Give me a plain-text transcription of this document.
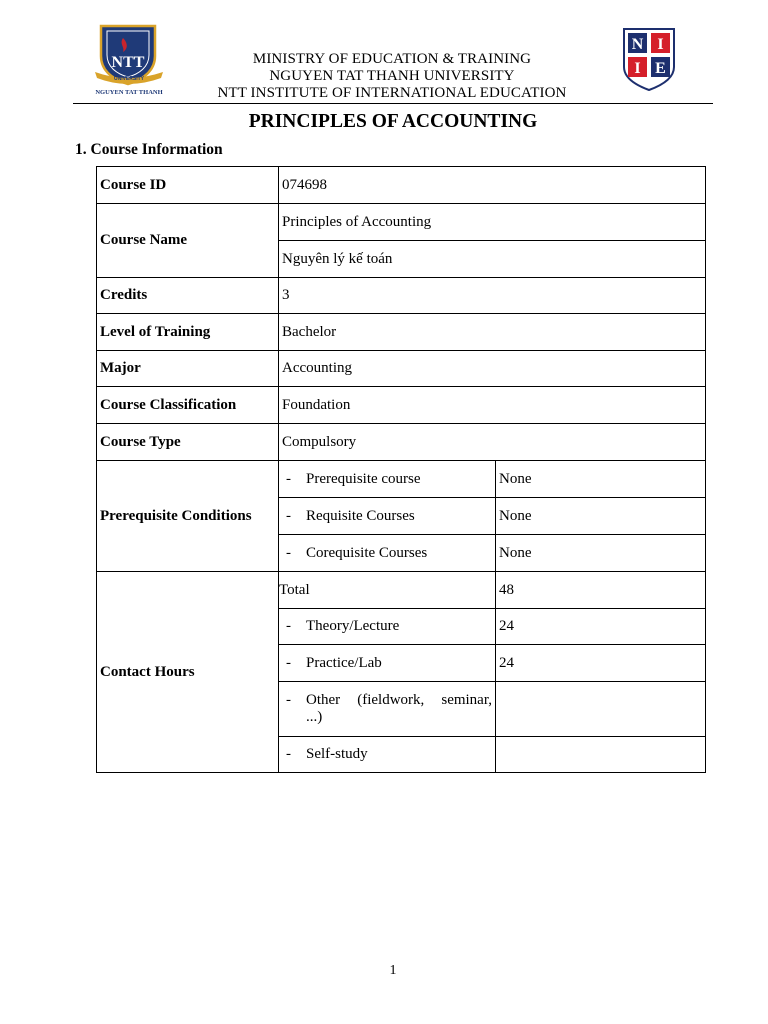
NTT
UNIVERSITY
NGUYEN TAT THANH
MINISTRY OF EDUCATION & TRAINING
NGUYEN TAT THANH UNIVERSITY
NTT INSTITUTE OF INTERNATIONAL EDUCATION
N I
I E
PRINCIPLES OF ACCOUNTING
1. Course Information
Course ID	074698	
Course Name	Principles of Accounting	
	Nguyên lý kế toán	
Credits	3	
Level of Training	Bachelor	
Major	Accounting	
Course Classification	Foundation	
Course Type	Compulsory	
Prerequisite Conditions	- Prerequisite course	None
	- Requisite Courses	None
	- Corequisite Courses	None
Contact Hours	Total	48
	- Theory/Lecture	24
	- Practice/Lab	24

	- Other (fieldwork, seminar,
...)	

	- Self-study	
1
